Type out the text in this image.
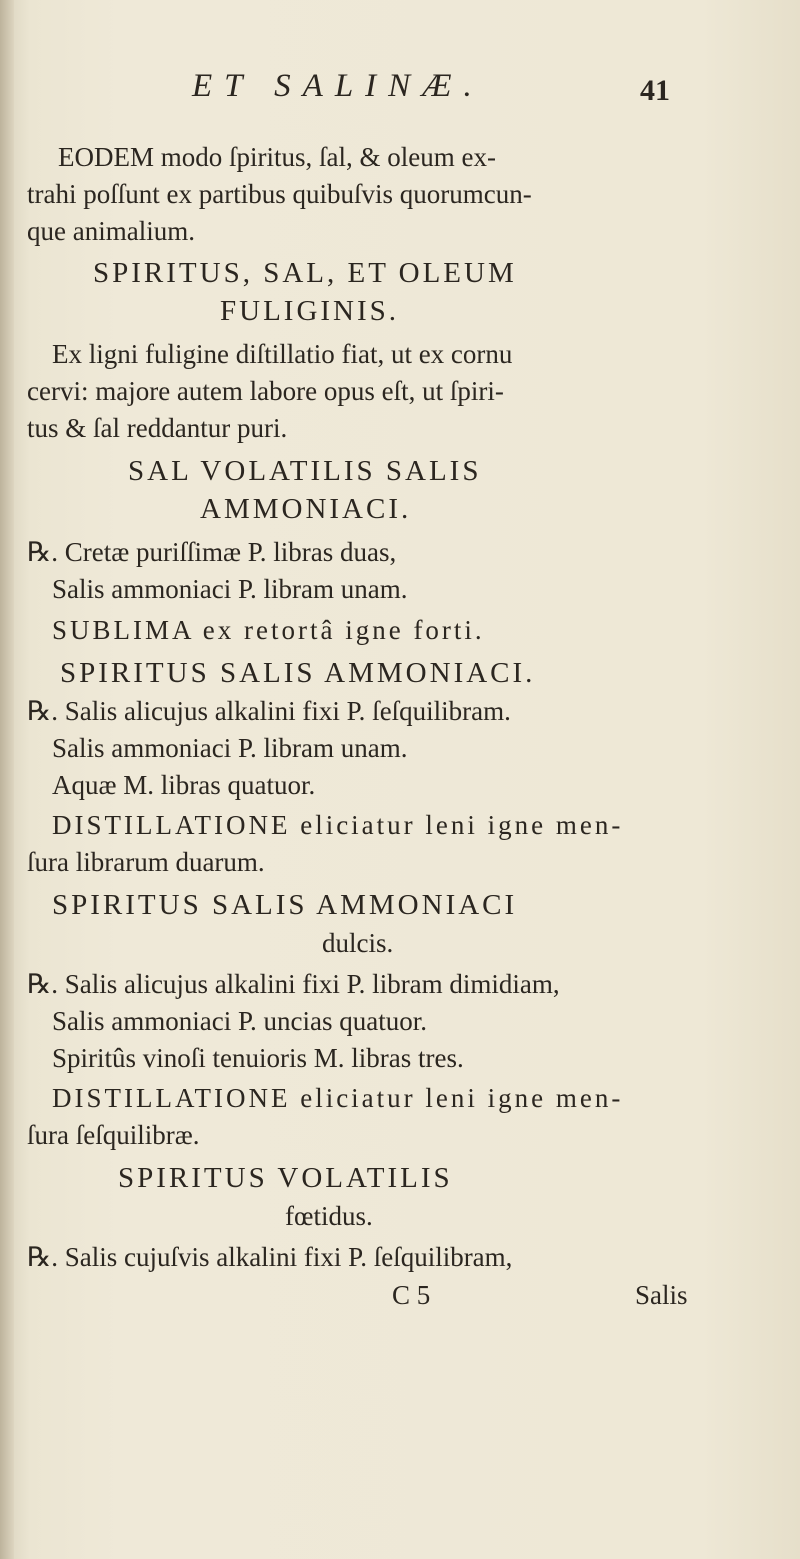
ET SALINÆ.	41
EODEM modo ſpiritus, ſal, & oleum ex-
trahi poſſunt ex partibus quibuſvis quorumcun-
que animalium.
SPIRITUS, SAL, ET OLEUM
FULIGINIS.
Ex ligni fuligine diſtillatio fiat, ut ex cornu
cervi: majore autem labore opus eſt, ut ſpiri-
tus & ſal reddantur puri.
SAL VOLATILIS SALIS
AMMONIACI.
℞. Cretæ puriſſimæ P. libras duas,
Salis ammoniaci P. libram unam.
SUBLIMA ex retortâ igne forti.
SPIRITUS SALIS AMMONIACI.
℞. Salis alicujus alkalini fixi P. ſeſquilibram.
Salis ammoniaci P. libram unam.
Aquæ M. libras quatuor.
DISTILLATIONE eliciatur leni igne men-
ſura librarum duarum.
SPIRITUS SALIS AMMONIACI
dulcis.
℞. Salis alicujus alkalini fixi P. libram dimidiam,
Salis ammoniaci P. uncias quatuor.
Spiritûs vinoſi tenuioris M. libras tres.
DISTILLATIONE eliciatur leni igne men-
ſura ſeſquilibræ.
SPIRITUS VOLATILIS
fœtidus.
℞. Salis cujuſvis alkalini fixi P. ſeſquilibram,
C 5	Salis
